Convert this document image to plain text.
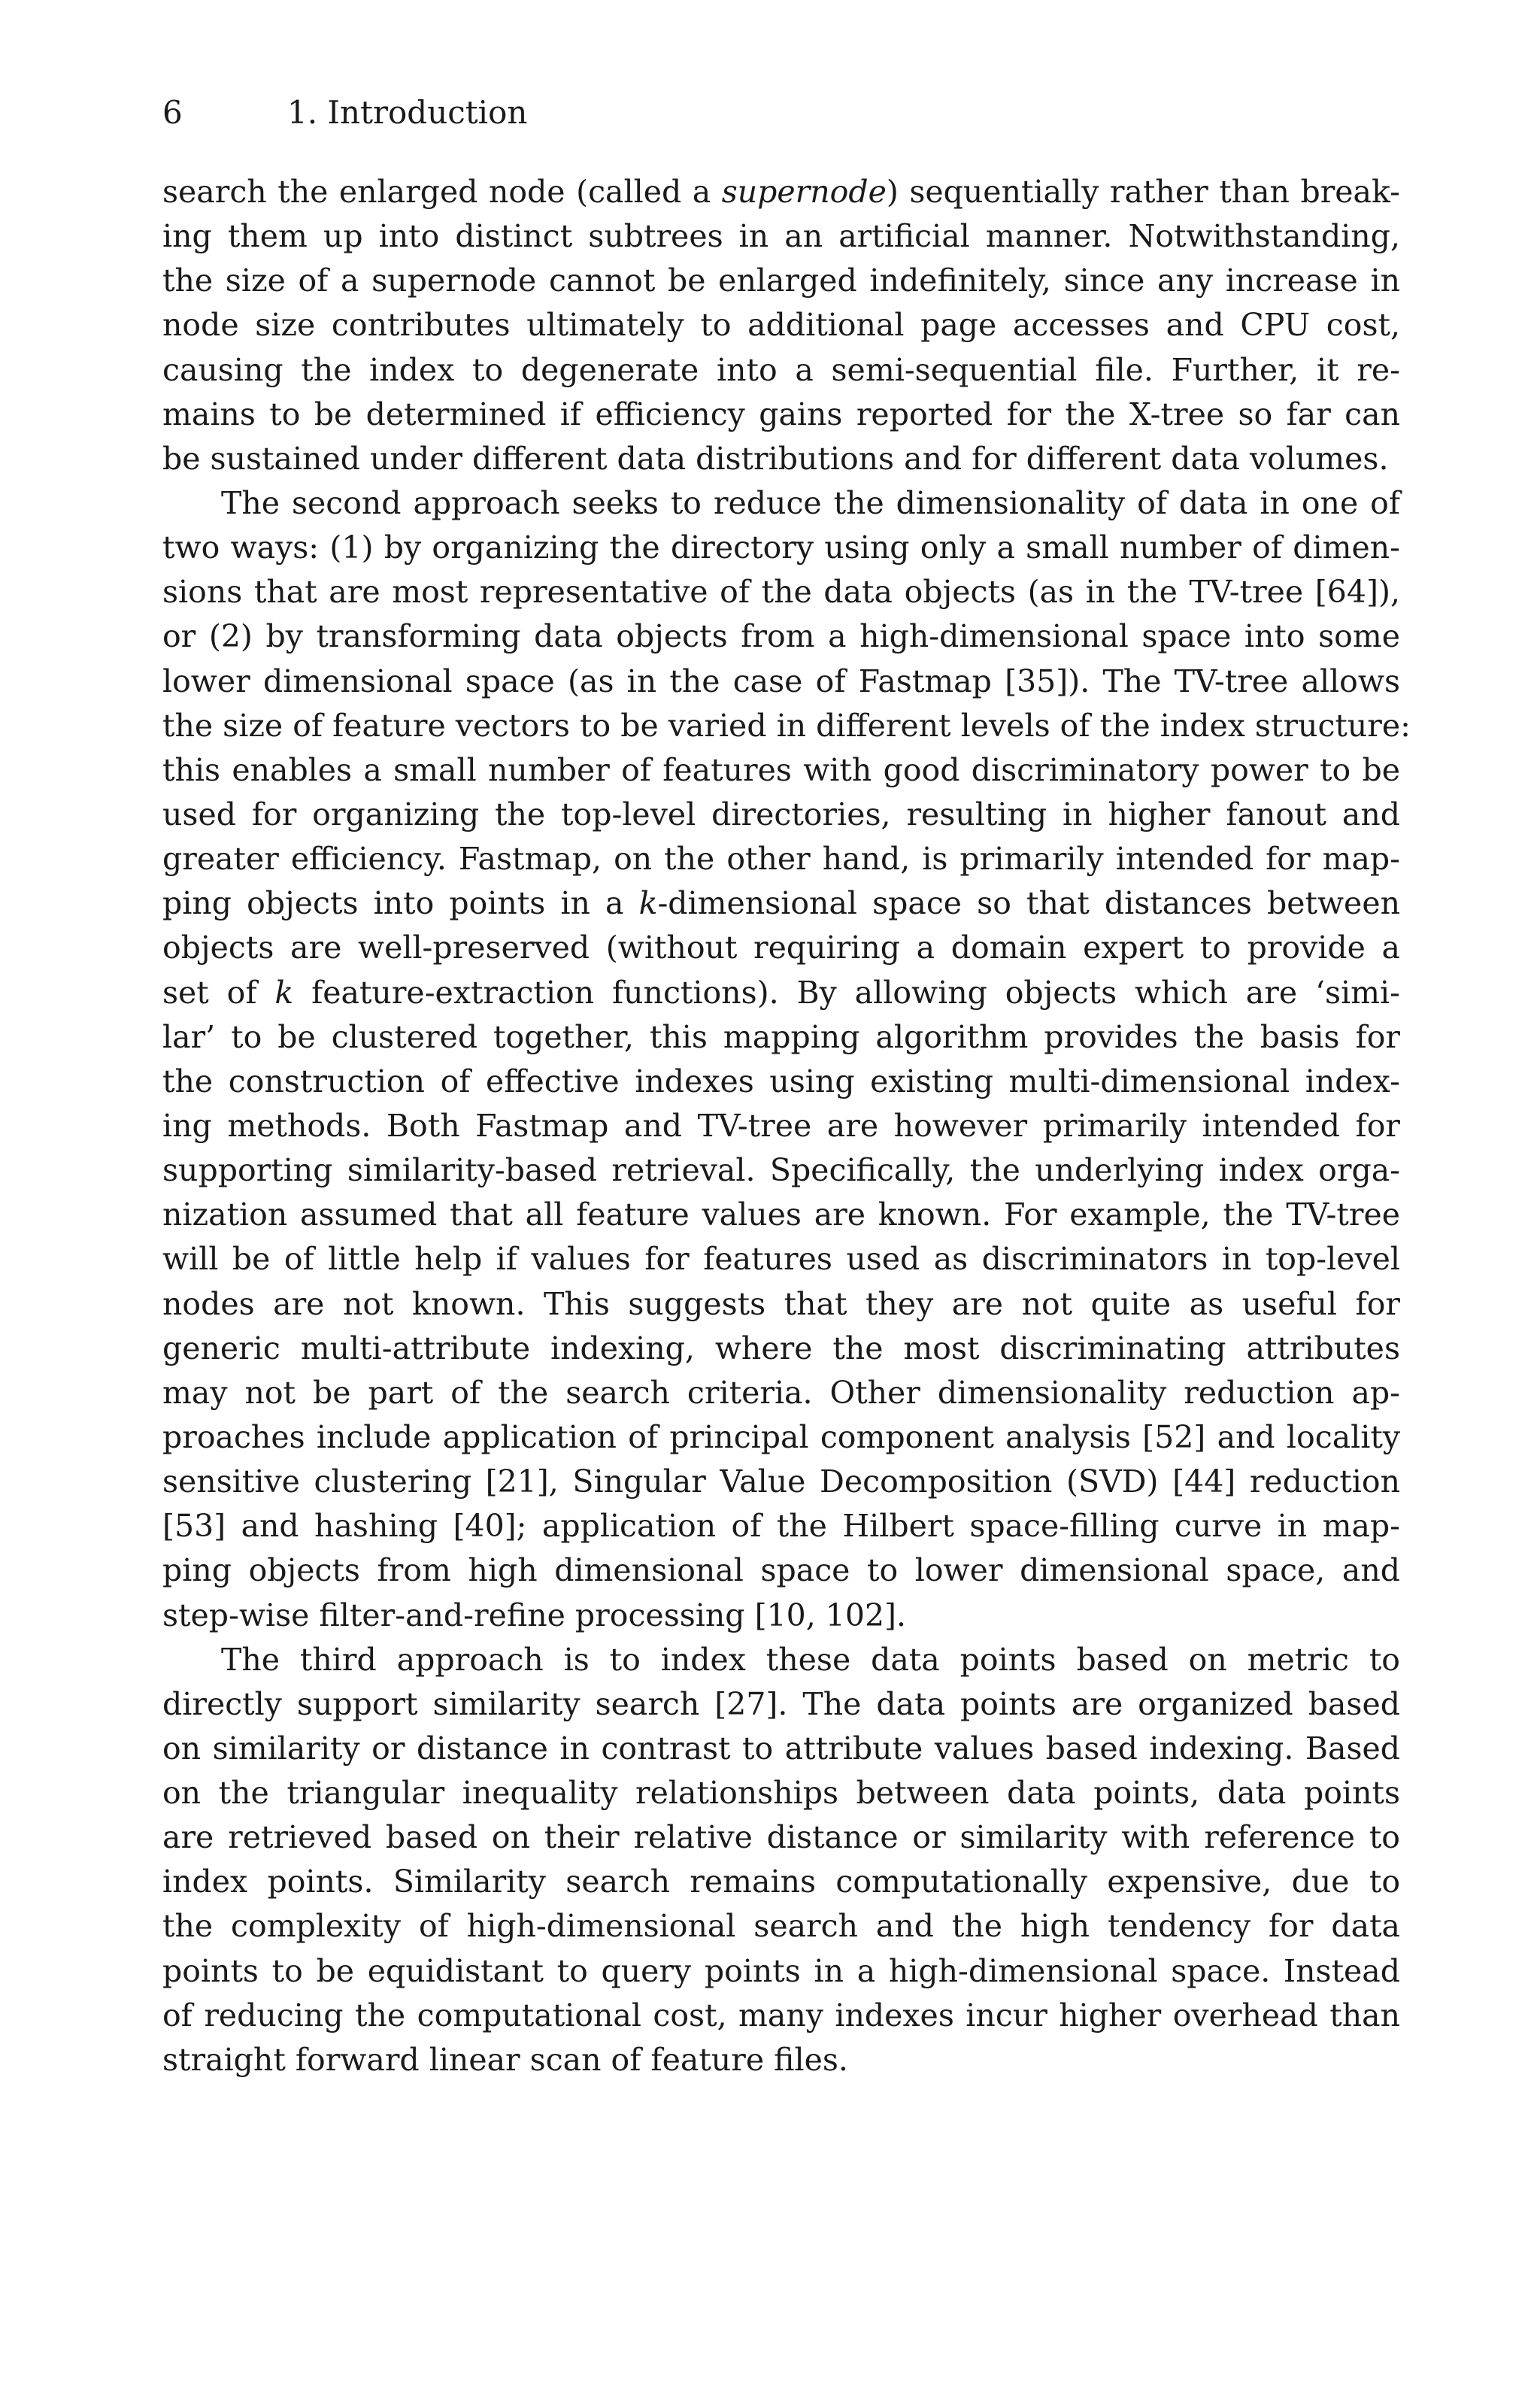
6	1. Introduction
search the enlarged node (called a supernode) sequentially rather than break-
ing them up into distinct subtrees in an artificial manner. Notwithstanding,
the size of a supernode cannot be enlarged indefinitely, since any increase in
node size contributes ultimately to additional page accesses and CPU cost,
causing the index to degenerate into a semi-sequential file. Further, it re-
mains to be determined if efficiency gains reported for the X-tree so far can
be sustained under different data distributions and for different data volumes.
The second approach seeks to reduce the dimensionality of data in one of
two ways: (1) by organizing the directory using only a small number of dimen-
sions that are most representative of the data objects (as in the TV-tree [64]),
or (2) by transforming data objects from a high-dimensional space into some
lower dimensional space (as in the case of Fastmap [35]). The TV-tree allows
the size of feature vectors to be varied in different levels of the index structure:
this enables a small number of features with good discriminatory power to be
used for organizing the top-level directories, resulting in higher fanout and
greater efficiency. Fastmap, on the other hand, is primarily intended for map-
ping objects into points in a k-dimensional space so that distances between
objects are well-preserved (without requiring a domain expert to provide a
set of k feature-extraction functions). By allowing objects which are ‘simi-
lar’ to be clustered together, this mapping algorithm provides the basis for
the construction of effective indexes using existing multi-dimensional index-
ing methods. Both Fastmap and TV-tree are however primarily intended for
supporting similarity-based retrieval. Specifically, the underlying index orga-
nization assumed that all feature values are known. For example, the TV-tree
will be of little help if values for features used as discriminators in top-level
nodes are not known. This suggests that they are not quite as useful for
generic multi-attribute indexing, where the most discriminating attributes
may not be part of the search criteria. Other dimensionality reduction ap-
proaches include application of principal component analysis [52] and locality
sensitive clustering [21], Singular Value Decomposition (SVD) [44] reduction
[53] and hashing [40]; application of the Hilbert space-filling curve in map-
ping objects from high dimensional space to lower dimensional space, and
step-wise filter-and-refine processing [10, 102].
The third approach is to index these data points based on metric to
directly support similarity search [27]. The data points are organized based
on similarity or distance in contrast to attribute values based indexing. Based
on the triangular inequality relationships between data points, data points
are retrieved based on their relative distance or similarity with reference to
index points. Similarity search remains computationally expensive, due to
the complexity of high-dimensional search and the high tendency for data
points to be equidistant to query points in a high-dimensional space. Instead
of reducing the computational cost, many indexes incur higher overhead than
straight forward linear scan of feature files.
